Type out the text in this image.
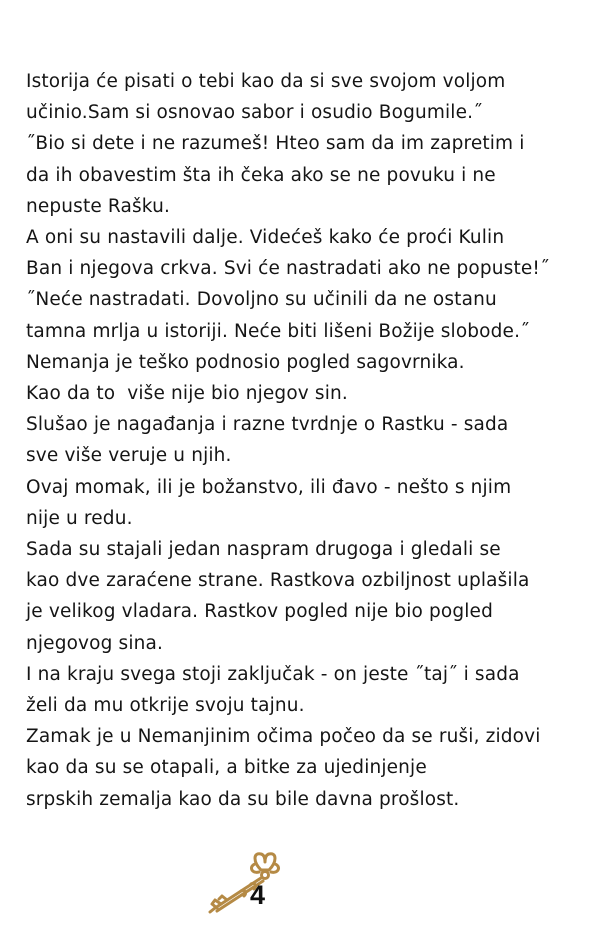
Istorija će pisati o tebi kao da si sve svojom voljom
učinio.Sam si osnovao sabor i osudio Bogumile.˝
˝Bio si dete i ne razumeš! Hteo sam da im zapretim i
da ih obavestim šta ih čeka ako se ne povuku i ne
nepuste Rašku.
A oni su nastavili dalje. Videćeš kako će proći Kulin
Ban i njegova crkva. Svi će nastradati ako ne popuste!˝
˝Neće nastradati. Dovoljno su učinili da ne ostanu
tamna mrlja u istoriji. Neće biti lišeni Božije slobode.˝
Nemanja je teško podnosio pogled sagovrnika.
Kao da to  više nije bio njegov sin.
Slušao je nagađanja i razne tvrdnje o Rastku - sada
sve više veruje u njih.
Ovaj momak, ili je božanstvo, ili đavo - nešto s njim
nije u redu.
Sada su stajali jedan naspram drugoga i gledali se
kao dve zaraćene strane. Rastkova ozbiljnost uplašila
je velikog vladara. Rastkov pogled nije bio pogled
njegovog sina.
I na kraju svega stoji zaključak - on jeste ˝taj˝ i sada
želi da mu otkrije svoju tajnu.
Zamak je u Nemanjinim očima počeo da se ruši, zidovi
kao da su se otapali, a bitke za ujedinjenje
srpskih zemalja kao da su bile davna prošlost.
4
